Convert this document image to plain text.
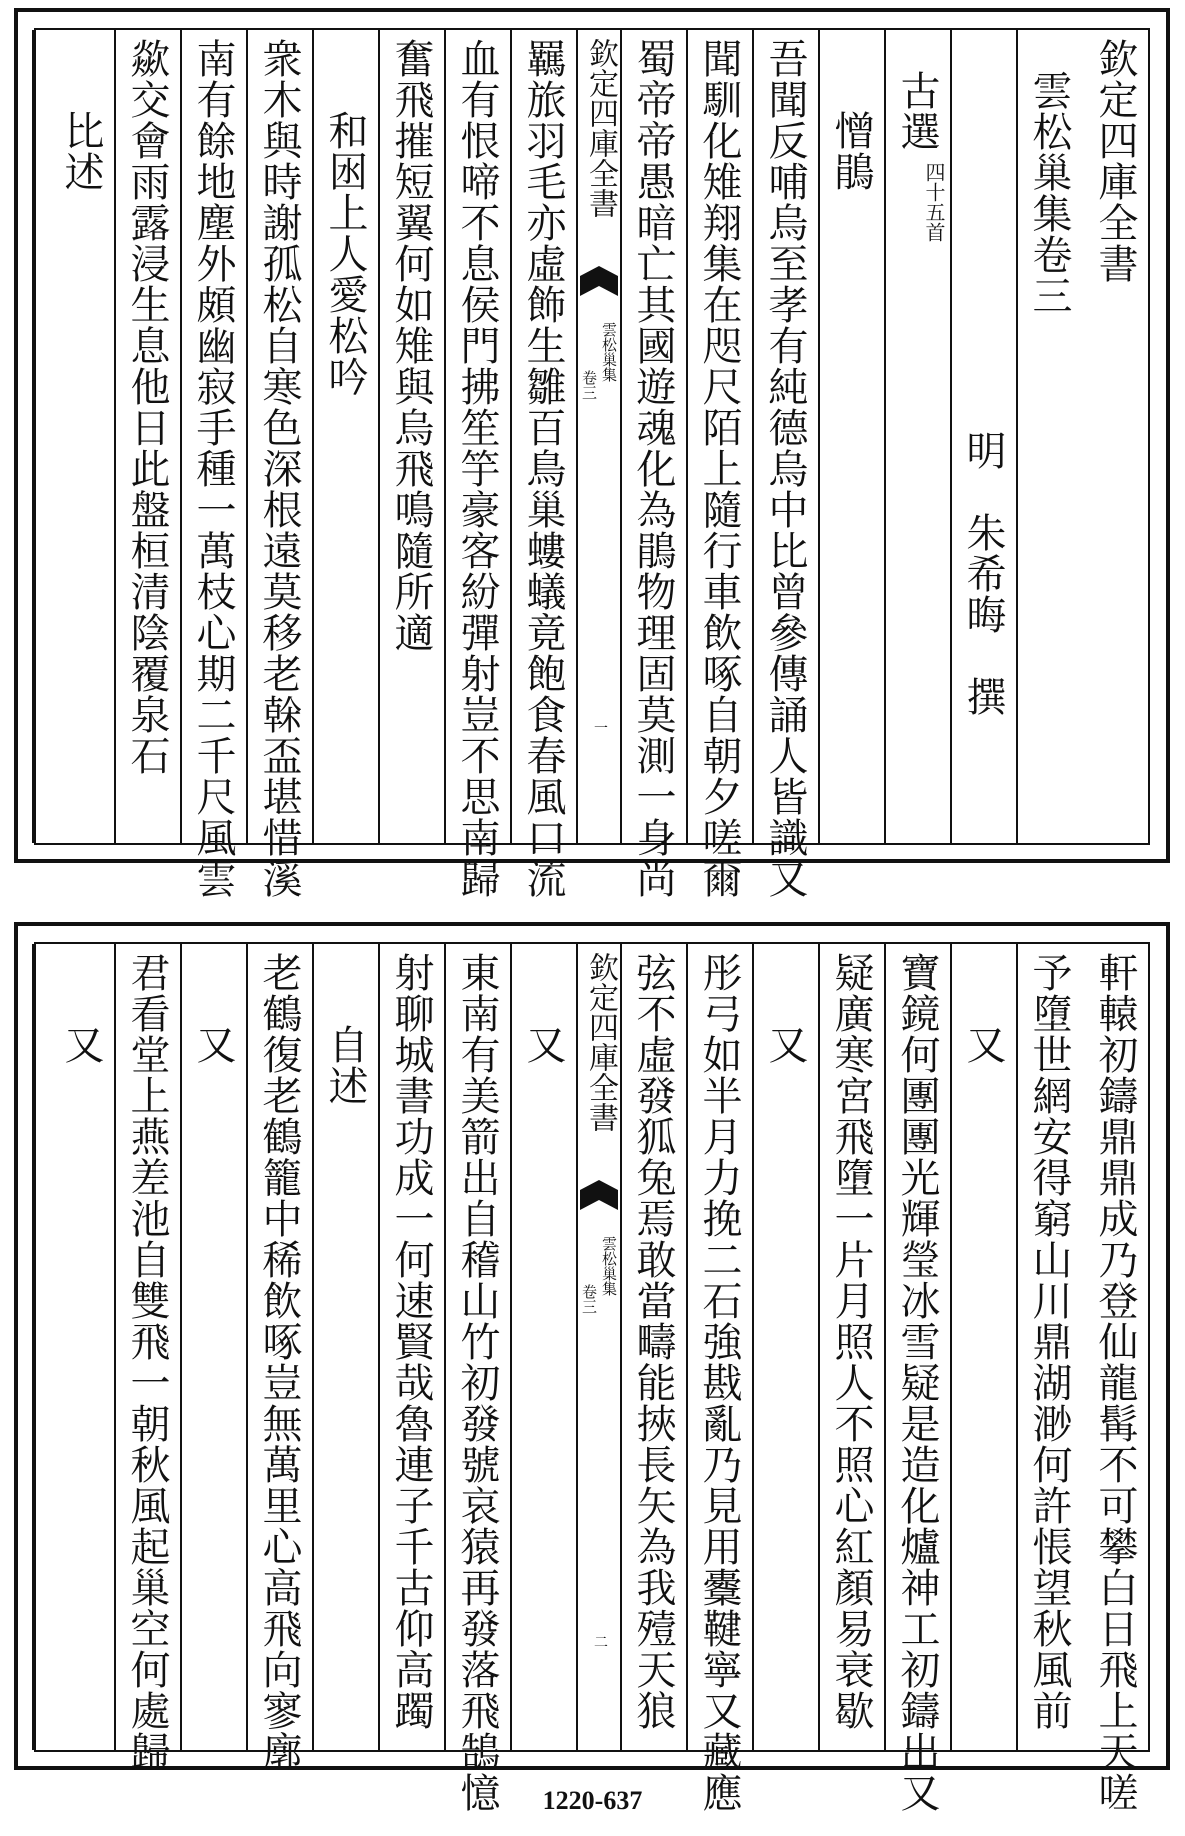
欽定四庫全書
雲松巢集卷三
明　朱希晦　撰
古選
四十五首
憎鵑
吾聞反哺烏至孝有純德烏中比曾參傳誦人皆識又
聞馴化雉翔集在咫尺陌上隨行車飲啄自朝夕嗟爾
蜀帝帝愚暗亡其國遊魂化為鵑物理固莫測一身尚
欽定四庫全書
雲松巢集
卷三
一
羈旅羽毛亦虛飾生雛百鳥巢螻蟻竟飽食春風口流
血有恨啼不息侯門拂笙竽豪客紛彈射豈不思南歸
奮飛摧短翼何如雉與烏飛鳴隨所適
和囦上人愛松吟
衆木與時謝孤松自寒色深根遠莫移老榦盃堪惜溪
南有餘地塵外頗幽寂手種一萬枝心期二千尺風雲
歘交會雨露浸生息他日此盤桓清陰覆泉石
比述
軒轅初鑄鼎鼎成乃登仙龍髯不可攀白日飛上天嗟
予墮世網安得窮山川鼎湖渺何許悵望秋風前
又
寶鏡何團團光輝瑩冰雪疑是造化爐神工初鑄出又
疑廣寒宮飛墮一片月照人不照心紅顏易衰歇
又
彤弓如半月力挽二石強戡亂乃見用櫜鞬寧又藏應
弦不虛發狐兔焉敢當疇能挾長矢為我殪天狼
欽定四庫全書
雲松巢集
卷三
二
又
東南有美箭出自稽山竹初發號哀猿再發落飛鵠憶
射聊城書功成一何速賢哉魯連子千古仰高躅
自述
老鶴復老鶴籠中稀飲啄豈無萬里心高飛向寥廓
又
君看堂上燕差池自雙飛一朝秋風起巢空何處歸
又
1220-637
